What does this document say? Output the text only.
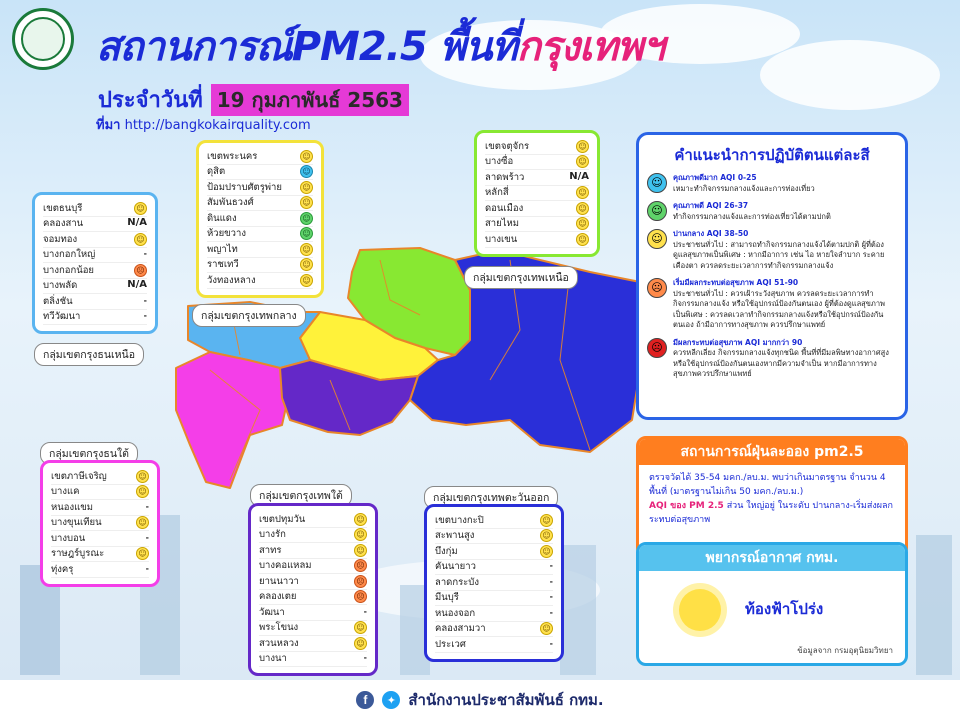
สถานการณ์PM2.5 พื้นที่กรุงเทพฯ
ประจำวันที่ 19 กุมภาพันธ์ 2563
ที่มา http://bangkokairquality.com
กลุ่มเขตกรุงเทพกลาง
กลุ่มเขตกรุงเทพเหนือ
กลุ่มเขตกรุงธนเหนือ
กลุ่มเขตกรุงธนใต้
กลุ่มเขตกรุงเทพใต้	กลุ่มเขตกรุงเทพตะวันออก
เขตธนบุรี	☺
คลองสาน	N/A
จอมทอง	☺
บางกอกใหญ่	-
บางกอกน้อย	☹
บางพลัด	N/A
ตลิ่งชัน	-
ทวีวัฒนา	-
เขตพระนคร	☺
ดุสิต	☺
ป้อมปราบศัตรูพ่าย	☺
สัมพันธวงศ์	☺
ดินแดง	☺
ห้วยขวาง	☺
พญาไท	☺
ราชเทวี	☺
วังทองหลาง	☺
เขตจตุจักร	☺
บางซื่อ	☺
ลาดพร้าว	N/A
หลักสี่	☺
ดอนเมือง	☺
สายไหม	☺
บางเขน	☺
เขตภาษีเจริญ	☺
บางแค	☺
หนองแขม	-
บางขุนเทียน	☺
บางบอน	-
ราษฎร์บูรณะ	☺
ทุ่งครุ	-
เขตปทุมวัน	☺
บางรัก	☺
สาทร	☺
บางคอแหลม	☹
ยานนาวา	☹
คลองเตย	☹
วัฒนา	-
พระโขนง	☺
สวนหลวง	☺
บางนา	-
เขตบางกะปิ	☺
สะพานสูง	☺
บึงกุ่ม	☺
คันนายาว	-
ลาดกระบัง	-
มีนบุรี	-
หนองจอก	-
คลองสามวา	☺
ประเวศ	-
คำแนะนำการปฏิบัติตนแต่ละสี
☺	คุณภาพดีมาก AQI 0-25
เหมาะทำกิจกรรมกลางแจ้งและการท่องเที่ยว
☺	คุณภาพดี AQI 26-37
ทำกิจกรรมกลางแจ้งและการท่องเที่ยวได้ตามปกติ
☺	ปานกลาง AQI 38-50
ประชาชนทั่วไป : สามารถทำกิจกรรมกลางแจ้งได้ตามปกติ ผู้ที่ต้องดูแลสุขภาพเป็นพิเศษ : หากมีอาการ เช่น ไอ หายใจลำบาก ระคายเคืองตา ควรลดระยะเวลาการทำกิจกรรมกลางแจ้ง
☹	เริ่มมีผลกระทบต่อสุขภาพ AQI 51-90
ประชาชนทั่วไป : ควรเฝ้าระวังสุขภาพ ควรลดระยะเวลาการทำกิจกรรมกลางแจ้ง หรือใช้อุปกรณ์ป้องกันตนเอง ผู้ที่ต้องดูแลสุขภาพเป็นพิเศษ : ควรลดเวลาทำกิจกรรมกลางแจ้งหรือใช้อุปกรณ์ป้องกันตนเอง ถ้ามีอาการทางสุขภาพ ควรปรึกษาแพทย์
☹	มีผลกระทบต่อสุขภาพ AQI มากกว่า 90
ควรหลีกเลี่ยง กิจกรรมกลางแจ้งทุกชนิด พื้นที่ที่มีมลพิษทางอากาศสูงหรือใช้อุปกรณ์ป้องกันตนเองหากมีความจำเป็น หากมีอาการทางสุขภาพควรปรึกษาแพทย์
สถานการณ์ฝุ่นละออง pm2.5
ตรวจวัดได้ 35-54 มคก./ลบ.ม. พบว่าเกินมาตรฐาน จำนวน 4 พื้นที่ (มาตรฐานไม่เกิน 50 มคก./ลบ.ม.)
AQI ของ PM 2.5 ส่วน ใหญ่อยู่ ในระดับ ปานกลาง-เริ่มส่งผลกระทบต่อสุขภาพ
พยากรณ์อากาศ กทม.
ท้องฟ้าโปร่ง
ข้อมูลจาก กรมอุตุนิยมวิทยา
f	✦ สำนักงานประชาสัมพันธ์ กทม.
